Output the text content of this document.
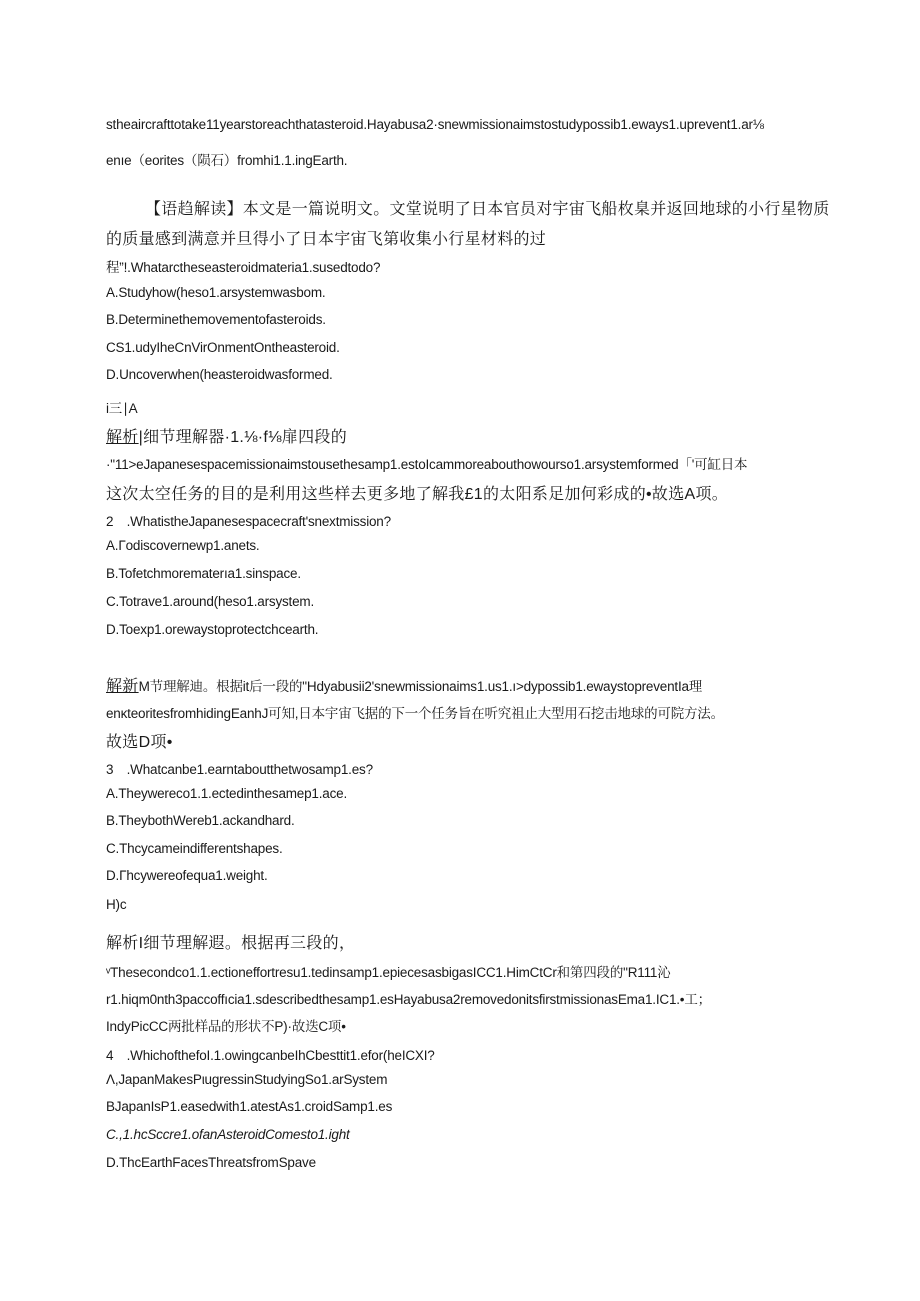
stheaircrafttotake11yearstoreachthatasteroid.Hayabusa2·snewmissionaimstostudypossib1.eways1.uprevent1.ar⅛
enıe（eorites（陨石）fromhi1.1.ingEarth.
【语趋解读】本文是一篇说明文。文堂说明了日本官员对宇宙飞船枚臬并返回地球的小行星物质
的质量感到满意并旦得小了日本宇宙飞第收集小行星材料的过
程”!.Whatarctheseasteroidmateria1.susedtodo?
A.Studyhow(heso1.arsystemwasbom.
B.Determinethemovementofasteroids.
CS1.udyIheCnVirOnmentOntheasteroid.
D.Uncoverwhen(heasteroidwasformed.
i三∣A
解析|细节理解器·1.⅛·f⅛扉四段的
·"11>eJapanesespacemissionaimstousethesamp1.estoIcammoreabouthowourso1.arsystemformed「'可缸日本
这次太空任务的目的是利用这些样去更多地了解我£1的太阳系足加何彩成的•故选A项。
2　.WhatistheJapanesespacecraft'snextmission?
A.Γodiscovernewp1.anets.
B.Tofetchmorematerıa1.sinspace.
C.Totrave1.around(heso1.arsystem.
D.Toexp1.orewaystoprotectchcearth.
解新M节理解迪。根据it后一段的"Hdyabusii2'snewmissionaims1.us1.ı>dypossib1.ewaystopreventIa理
enκteoritesfromhidingEanhJ可知,日本宇宙飞据的下一个任务旨在听究祖止大型用石挖击地球的可院方法。
故选D项•
3　.Whatcanbe1.earntaboutthetwosamp1.es?
A.Theywereco1.1.ectedinthesamep1.ace.
B.TheybothWereb1.ackandhard.
C.Thcycameindifferentshapes.
D.Γhcywereofequa1.weight.
H)c
解析I细节理解遐。根据再三段的，
ᵛThesecondco1.1.ectioneffortresu1.tedinsamp1.epiecesasbigasICC1.HimCtCr和第四段的"R111沁
r1.hiqm0nth3paccoffıcia1.sdescribedthesamp1.esHayabusa2removedonitsfirstmissionasEma1.IC1.•工；
IndyPicCC两批样品的形状不P)·故迭C项•
4　.WhichofthefoI.1.owingcanbeIhCbesttit1.efor(heICXI?
Λ,JapanMakesPιugressinStudyingSo1.arSystem
BJapanIsP1.easedwith1.atestAs1.croidSamp1.es
C.,1.hcSccre1.ofanAsteroidComesto1.ight
D.ThcEarthFacesThreatsfromSpave
